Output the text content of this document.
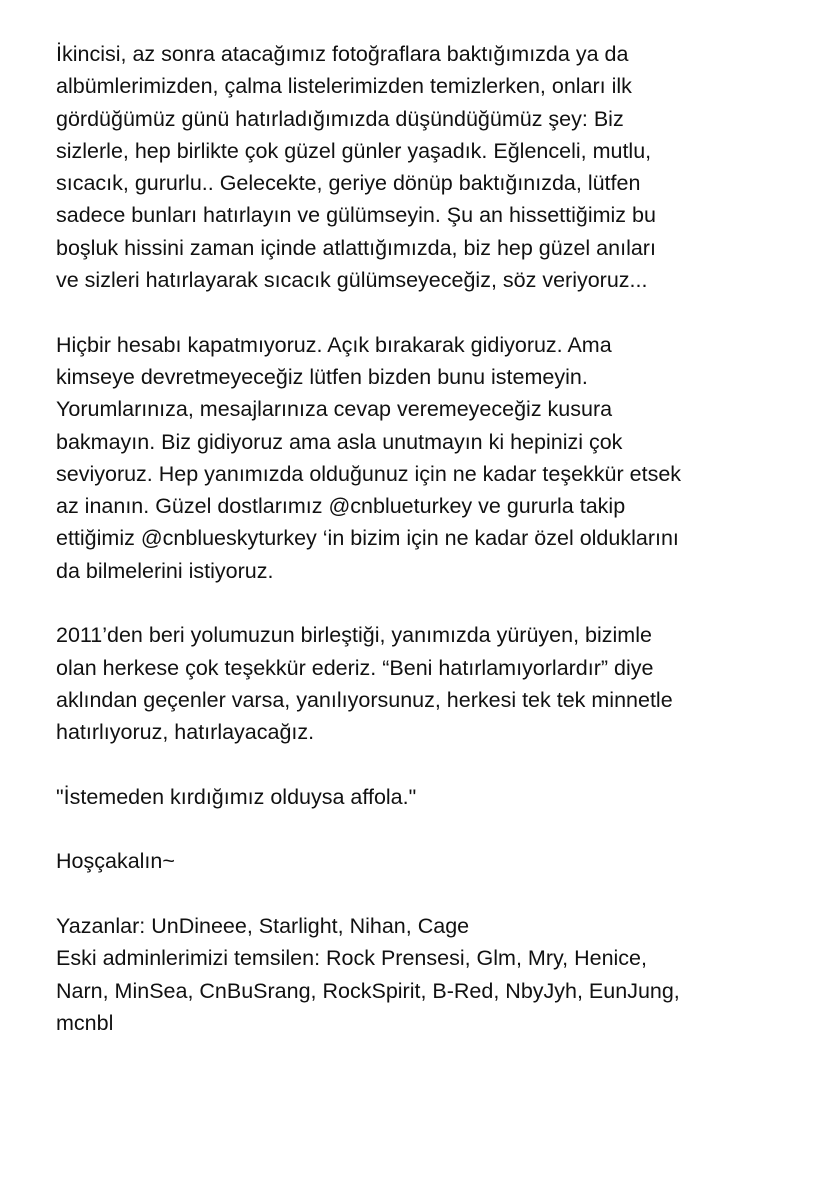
İkincisi, az sonra atacağımız fotoğraflara baktığımızda ya da
albümlerimizden, çalma listelerimizden temizlerken, onları ilk
gördüğümüz günü hatırladığımızda düşündüğümüz şey: Biz
sizlerle, hep birlikte çok güzel günler yaşadık. Eğlenceli, mutlu,
sıcacık, gururlu.. Gelecekte, geriye dönüp baktığınızda, lütfen
sadece bunları hatırlayın ve gülümseyin. Şu an hissettiğimiz bu
boşluk hissini zaman içinde atlattığımızda, biz hep güzel anıları
ve sizleri hatırlayarak sıcacık gülümseyeceğiz, söz veriyoruz...

Hiçbir hesabı kapatmıyoruz. Açık bırakarak gidiyoruz. Ama
kimseye devretmeyeceğiz lütfen bizden bunu istemeyin.
Yorumlarınıza, mesajlarınıza cevap veremeyeceğiz kusura
bakmayın. Biz gidiyoruz ama asla unutmayın ki hepinizi çok
seviyoruz. Hep yanımızda olduğunuz için ne kadar teşekkür etsek
az inanın. Güzel dostlarımız @cnblueturkey ve gururla takip
ettiğimiz @cnblueskyturkey ‘in bizim için ne kadar özel olduklarını
da bilmelerini istiyoruz.

2011’den beri yolumuzun birleştiği, yanımızda yürüyen, bizimle
olan herkese çok teşekkür ederiz. “Beni hatırlamıyorlardır” diye
aklından geçenler varsa, yanılıyorsunuz, herkesi tek tek minnetle
hatırlıyoruz, hatırlayacağız.

"İstemeden kırdığımız olduysa affola."

Hoşçakalın~

Yazanlar: UnDineee, Starlight, Nihan, Cage
Eski adminlerimizi temsilen: Rock Prensesi, Glm, Mry, Henice,
Narn, MinSea, CnBuSrang, RockSpirit, B-Red, NbyJyh, EunJung,
mcnbl
